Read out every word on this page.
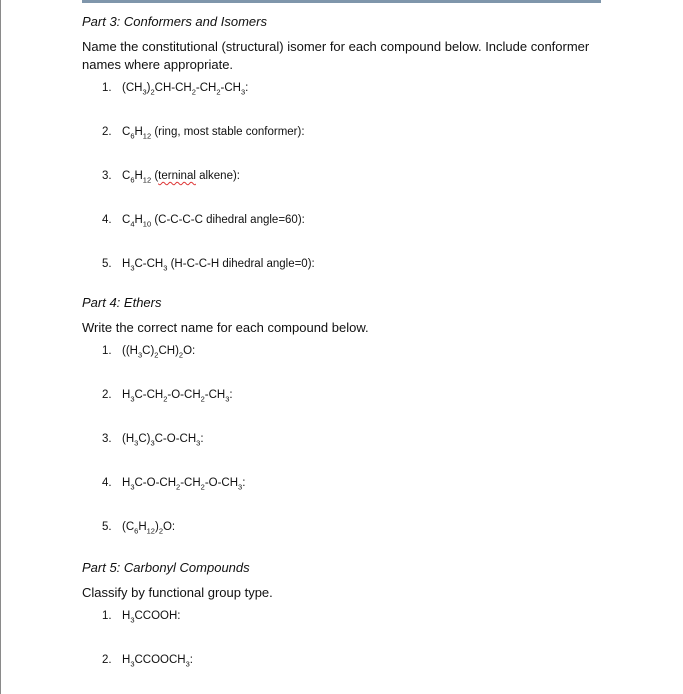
Part 3: Conformers and Isomers

Name the constitutional (structural) isomer for each compound below. Include conformer
names where appropriate.

1. $(CH_3)_2CH-CH_2-CH_2-CH_3$:
2. $C_6H_{12}$ (ring, most stable conformer):
3. $C_6H_{12}$ (terninal alkene):
4. $C_4H_{10}$ (C-C-C-C dihedral angle=60):
5. $H_3C-CH_3$ (H-C-C-H dihedral angle=0):

Part 4: Ethers

Write the correct name for each compound below.

1. $((H_3C)_2CH)_2O$:
2. $H_3C-CH_2-O-CH_2-CH_3$:
3. $(H_3C)_3C-O-CH_3$:
4. $H_3C-O-CH_2-CH_2-O-CH_3$:
5. $(C_6H_{12})_2O$:

Part 5: Carbonyl Compounds

Classify by functional group type.

1. $H_3CCOOH$:
2. $H_3CCOOCH_3$:
